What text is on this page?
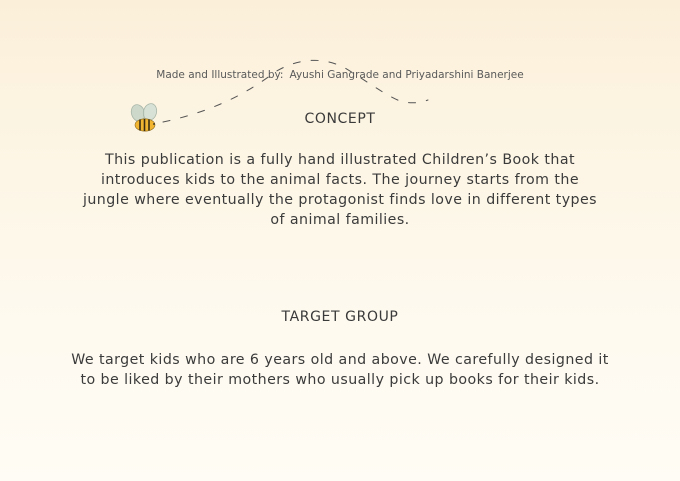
Made and Illustrated by: Ayushi Gangrade and Priyadarshini Banerjee
CONCEPT
This publication is a fully hand illustrated Children’s Book that introduces kids to the animal facts. The journey starts from the jungle where eventually the protagonist finds love in different types of animal families.
TARGET GROUP
We target kids who are 6 years old and above. We carefully designed it to be liked by their mothers who usually pick up books for their kids.
